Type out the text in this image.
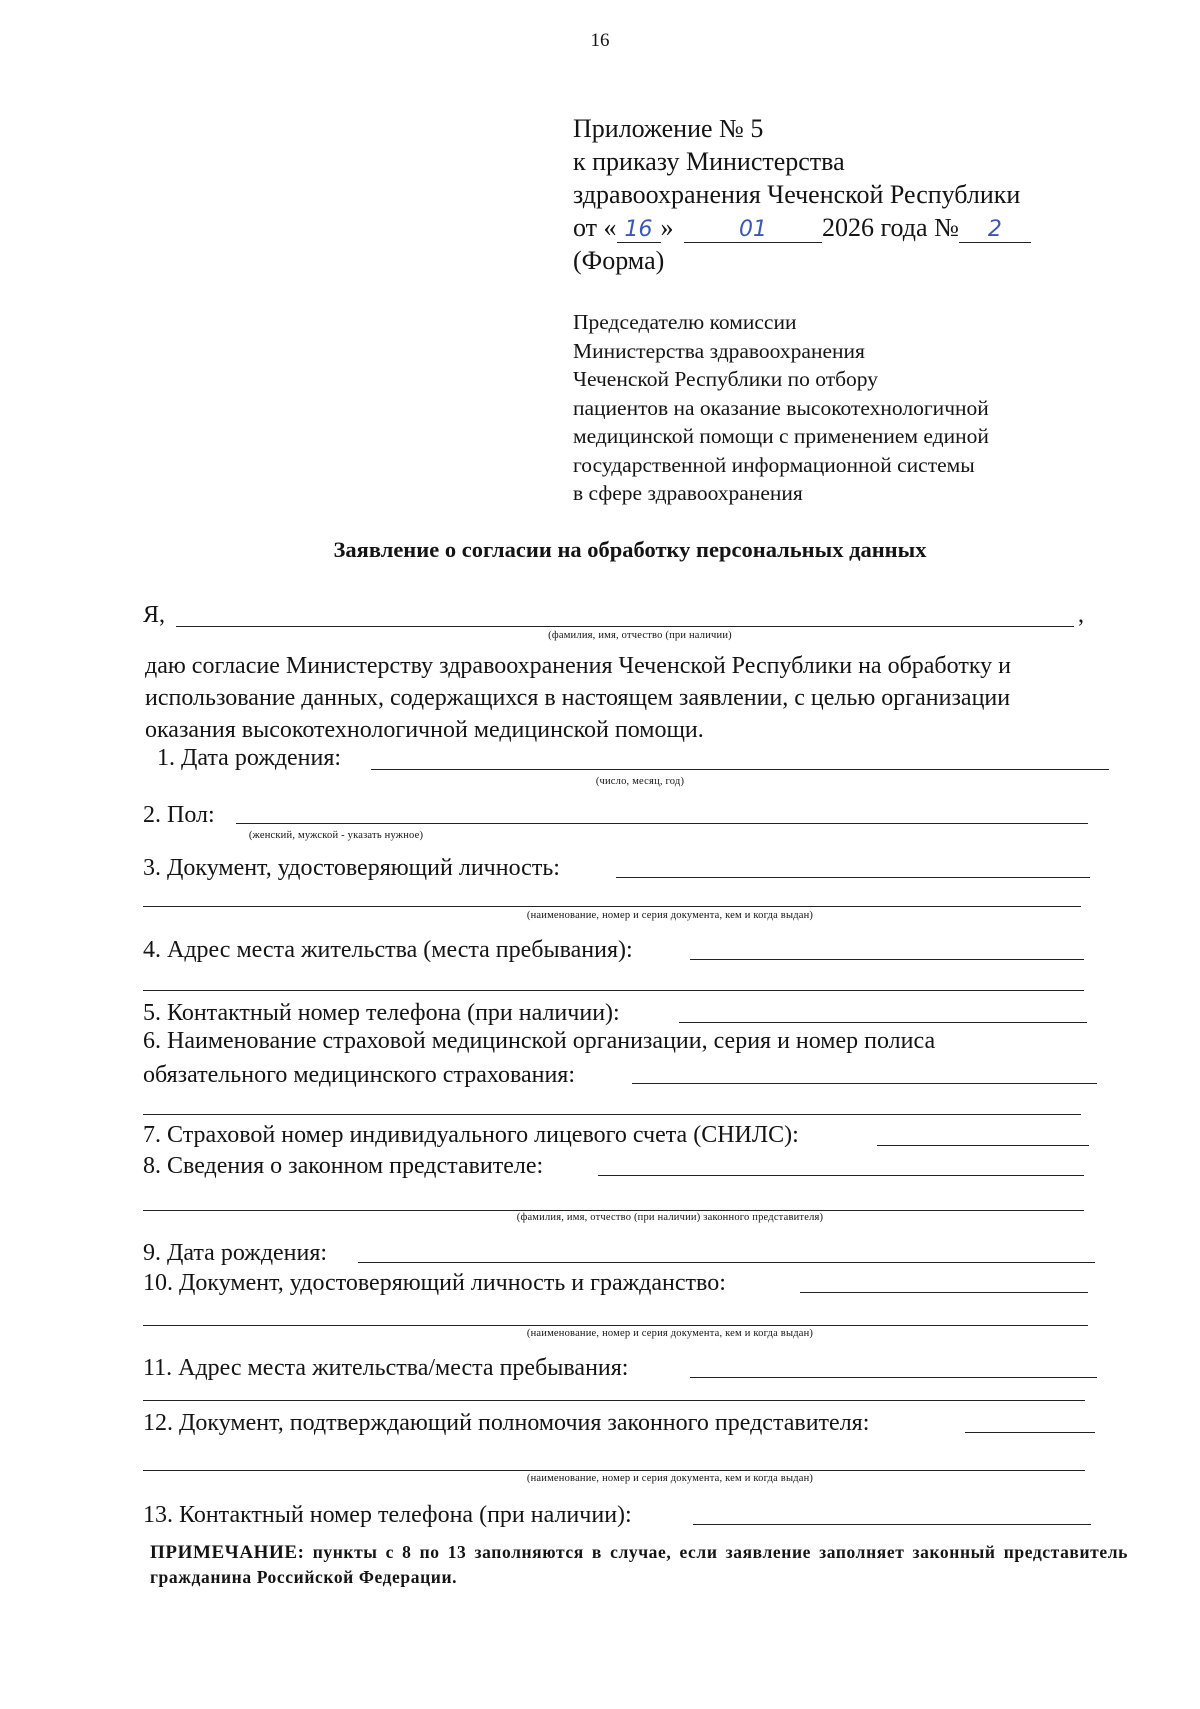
16
Приложение № 5
к приказу Министерства
здравоохранения Чеченской Республики
от « 16 »	01 2026 года № 2
(Форма)
Председателю комиссии
Министерства здравоохранения
Чеченской Республики по отбору
пациентов на оказание высокотехнологичной
медицинской помощи с применением единой
государственной информационной системы
в сфере здравоохранения
Заявление о согласии на обработку персональных данных
Я,	,
(фамилия, имя, отчество (при наличии)
даю согласие Министерству здравоохранения Чеченской Республики на обработку и использование данных, содержащихся в настоящем заявлении, с целью организации оказания высокотехнологичной медицинской помощи.
1. Дата рождения:
(число, месяц, год)
2. Пол:
(женский, мужской - указать нужное)
3. Документ, удостоверяющий личность:
(наименование, номер и серия документа, кем и когда выдан)
4. Адрес места жительства (места пребывания):
5. Контактный номер телефона (при наличии):
6. Наименование страховой медицинской организации, серия и номер полиса
обязательного медицинского страхования:
7. Страховой номер индивидуального лицевого счета (СНИЛС):
8. Сведения о законном представителе:
(фамилия, имя, отчество (при наличии) законного представителя)
9. Дата рождения:
10. Документ, удостоверяющий личность и гражданство:
(наименование, номер и серия документа, кем и когда выдан)
11. Адрес места жительства/места пребывания:
12. Документ, подтверждающий полномочия законного представителя:
(наименование, номер и серия документа, кем и когда выдан)
13. Контактный номер телефона (при наличии):
ПРИМЕЧАНИЕ: пункты с 8 по 13 заполняются в случае, если заявление заполняет законный представитель гражданина Российской Федерации.
